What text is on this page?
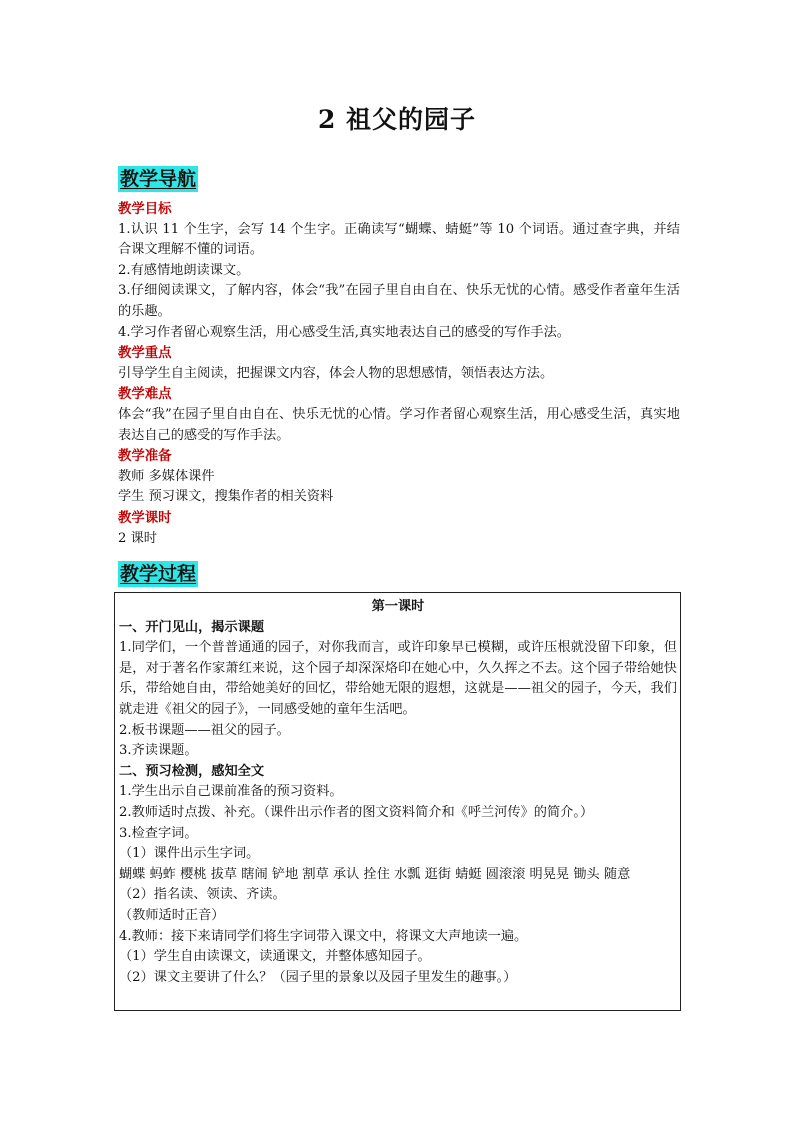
2 祖父的园子
教学导航

教学目标

1.认识 11 个生字，会写 14 个生字。正确读写“蝴蝶、蜻蜓”等 10 个词语。通过查字典，并结合课文理解不懂的词语。

2.有感情地朗读课文。

3.仔细阅读课文，了解内容，体会“我”在园子里自由自在、快乐无忧的心情。感受作者童年生活的乐趣。

4.学习作者留心观察生活，用心感受生活,真实地表达自己的感受的写作手法。

教学重点

引导学生自主阅读，把握课文内容，体会人物的思想感情，领悟表达方法。

教学难点

体会“我”在园子里自由自在、快乐无忧的心情。学习作者留心观察生活，用心感受生活，真实地表达自己的感受的写作手法。

教学准备

教师 多媒体课件

学生 预习课文，搜集作者的相关资料

教学课时

2 课时

教学过程

第一课时

一、开门见山，揭示课题

1.同学们，一个普普通通的园子，对你我而言，或许印象早已模糊，或许压根就没留下印象，但是，对于著名作家萧红来说，这个园子却深深烙印在她心中，久久挥之不去。这个园子带给她快乐，带给她自由，带给她美好的回忆，带给她无限的遐想，这就是——祖父的园子，今天，我们就走进《祖父的园子》，一同感受她的童年生活吧。

2.板书课题——祖父的园子。

3.齐读课题。

二、预习检测，感知全文

1.学生出示自己课前准备的预习资料。

2.教师适时点拨、补充。（课件出示作者的图文资料简介和《呼兰河传》的简介。）

3.检查字词。

（1）课件出示生字词。

蝴蝶 蚂蚱 樱桃 拔草 瞎闹 铲地 割草 承认 拴住 水瓢 逛街 蜻蜓 圆滚滚 明晃晃 锄头 随意

（2）指名读、领读、齐读。

（教师适时正音）

4.教师：接下来请同学们将生字词带入课文中，将课文大声地读一遍。

（1）学生自由读课文，读通课文，并整体感知园子。

（2）课文主要讲了什么？（园子里的景象以及园子里发生的趣事。）
